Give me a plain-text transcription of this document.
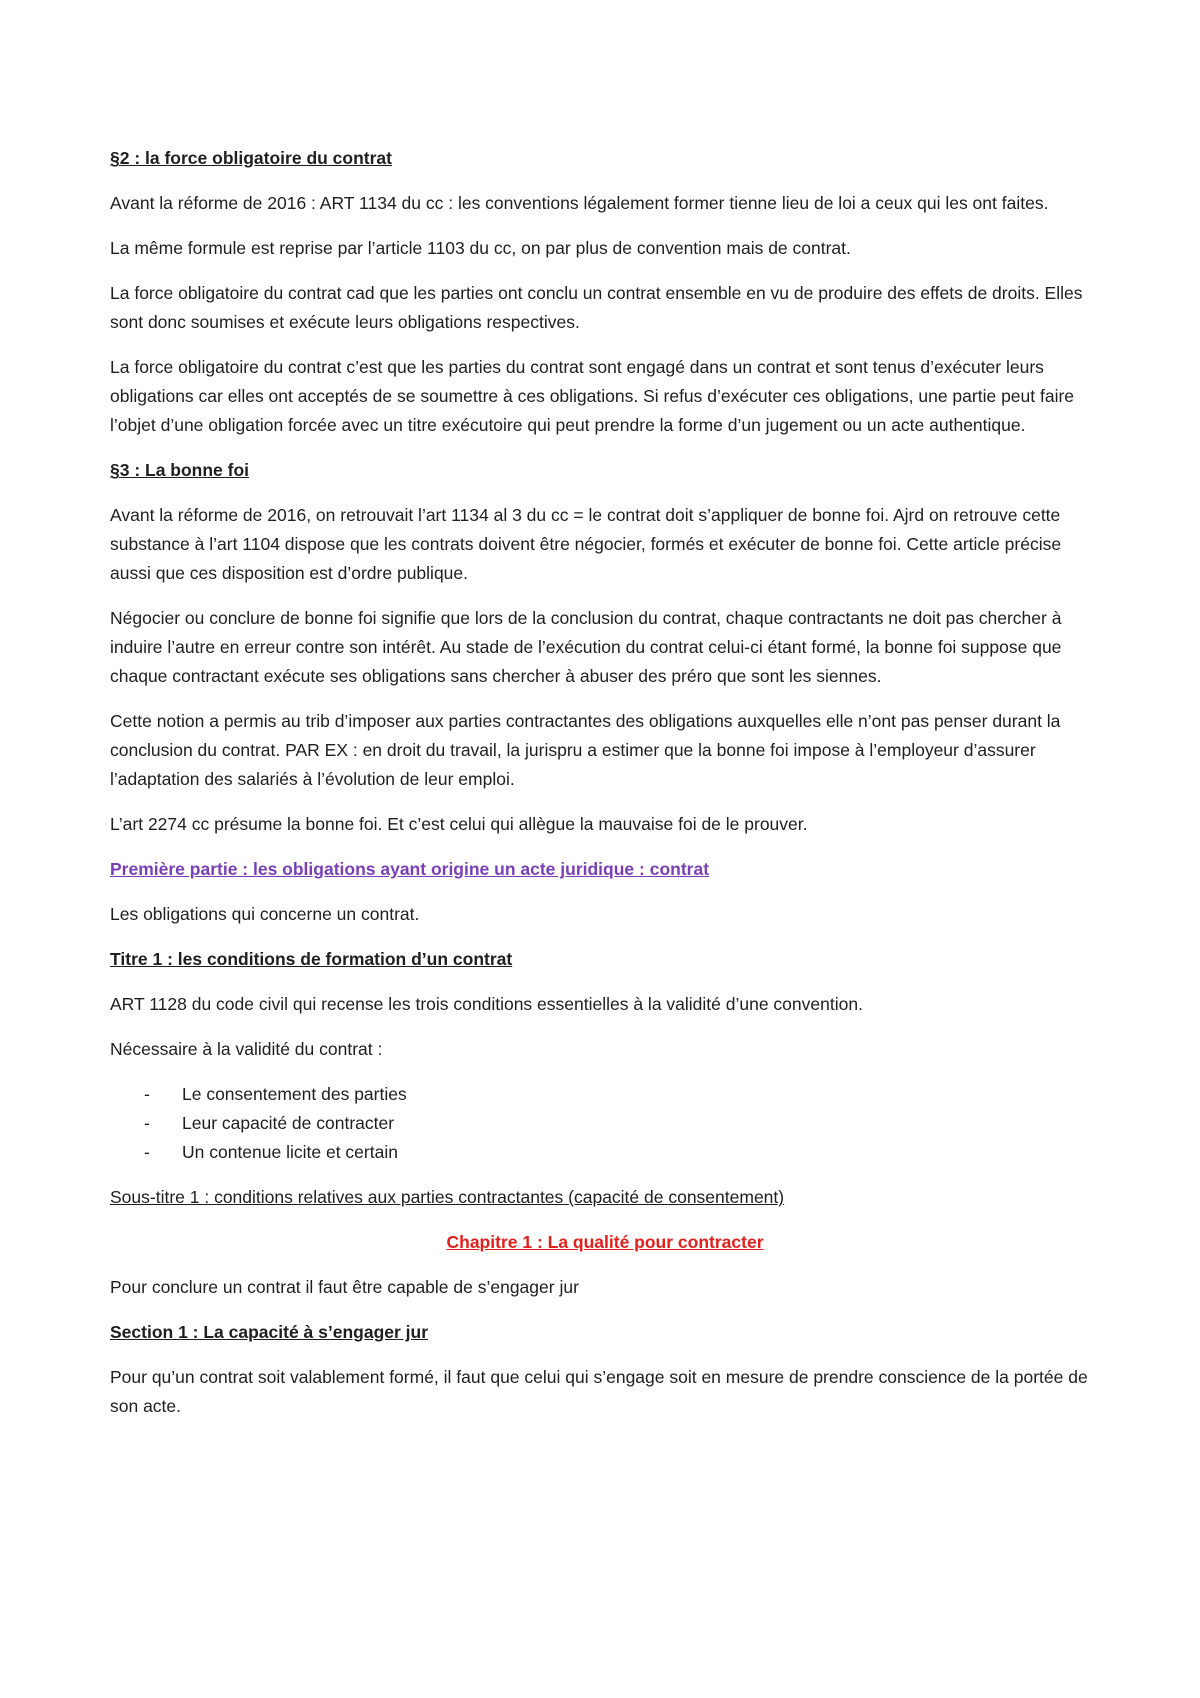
§2 : la force obligatoire du contrat

Avant la réforme de 2016 : ART 1134 du cc : les conventions légalement former tienne lieu de loi a ceux qui les ont faites.

La même formule est reprise par l’article 1103 du cc, on par plus de convention mais de contrat.

La force obligatoire du contrat cad que les parties ont conclu un contrat ensemble en vu de produire des effets de droits. Elles sont donc soumises et exécute leurs obligations respectives.

La force obligatoire du contrat c’est que les parties du contrat sont engagé dans un contrat et sont tenus d’exécuter leurs obligations car elles ont acceptés de se soumettre à ces obligations. Si refus d’exécuter ces obligations, une partie peut faire l’objet d’une obligation forcée avec un titre exécutoire qui peut prendre la forme d’un jugement ou un acte authentique.

§3 : La bonne foi

Avant la réforme de 2016, on retrouvait l’art 1134 al 3 du cc = le contrat doit s’appliquer de bonne foi. Ajrd on retrouve cette substance à l’art 1104 dispose que les contrats doivent être négocier, formés et exécuter de bonne foi. Cette article précise aussi que ces disposition est d’ordre publique.

Négocier ou conclure de bonne foi signifie que lors de la conclusion du contrat, chaque contractants ne doit pas chercher à induire l’autre en erreur contre son intérêt. Au stade de l’exécution du contrat celui-ci étant formé, la bonne foi suppose que chaque contractant exécute ses obligations sans chercher à abuser des préro que sont les siennes.

Cette notion a permis au trib d’imposer aux parties contractantes des obligations auxquelles elle n’ont pas penser durant la conclusion du contrat. PAR EX : en droit du travail, la jurispru a estimer que la bonne foi impose à l’employeur d’assurer l’adaptation des salariés à l’évolution de leur emploi.

L’art 2274 cc présume la bonne foi. Et c’est celui qui allègue la mauvaise foi de le prouver.

Première partie : les obligations ayant origine un acte juridique : contrat

Les obligations qui concerne un contrat.

Titre 1 : les conditions de formation d’un contrat

ART 1128 du code civil qui recense les trois conditions essentielles à la validité d’une convention.

Nécessaire à la validité du contrat :

-	Le consentement des parties
-	Leur capacité de contracter
-	Un contenue licite et certain

Sous-titre 1 : conditions relatives aux parties contractantes (capacité de consentement)

Chapitre 1 : La qualité pour contracter

Pour conclure un contrat il faut être capable de s’engager jur

Section 1 : La capacité à s’engager jur

Pour qu’un contrat soit valablement formé, il faut que celui qui s’engage soit en mesure de prendre conscience de la portée de son acte.
